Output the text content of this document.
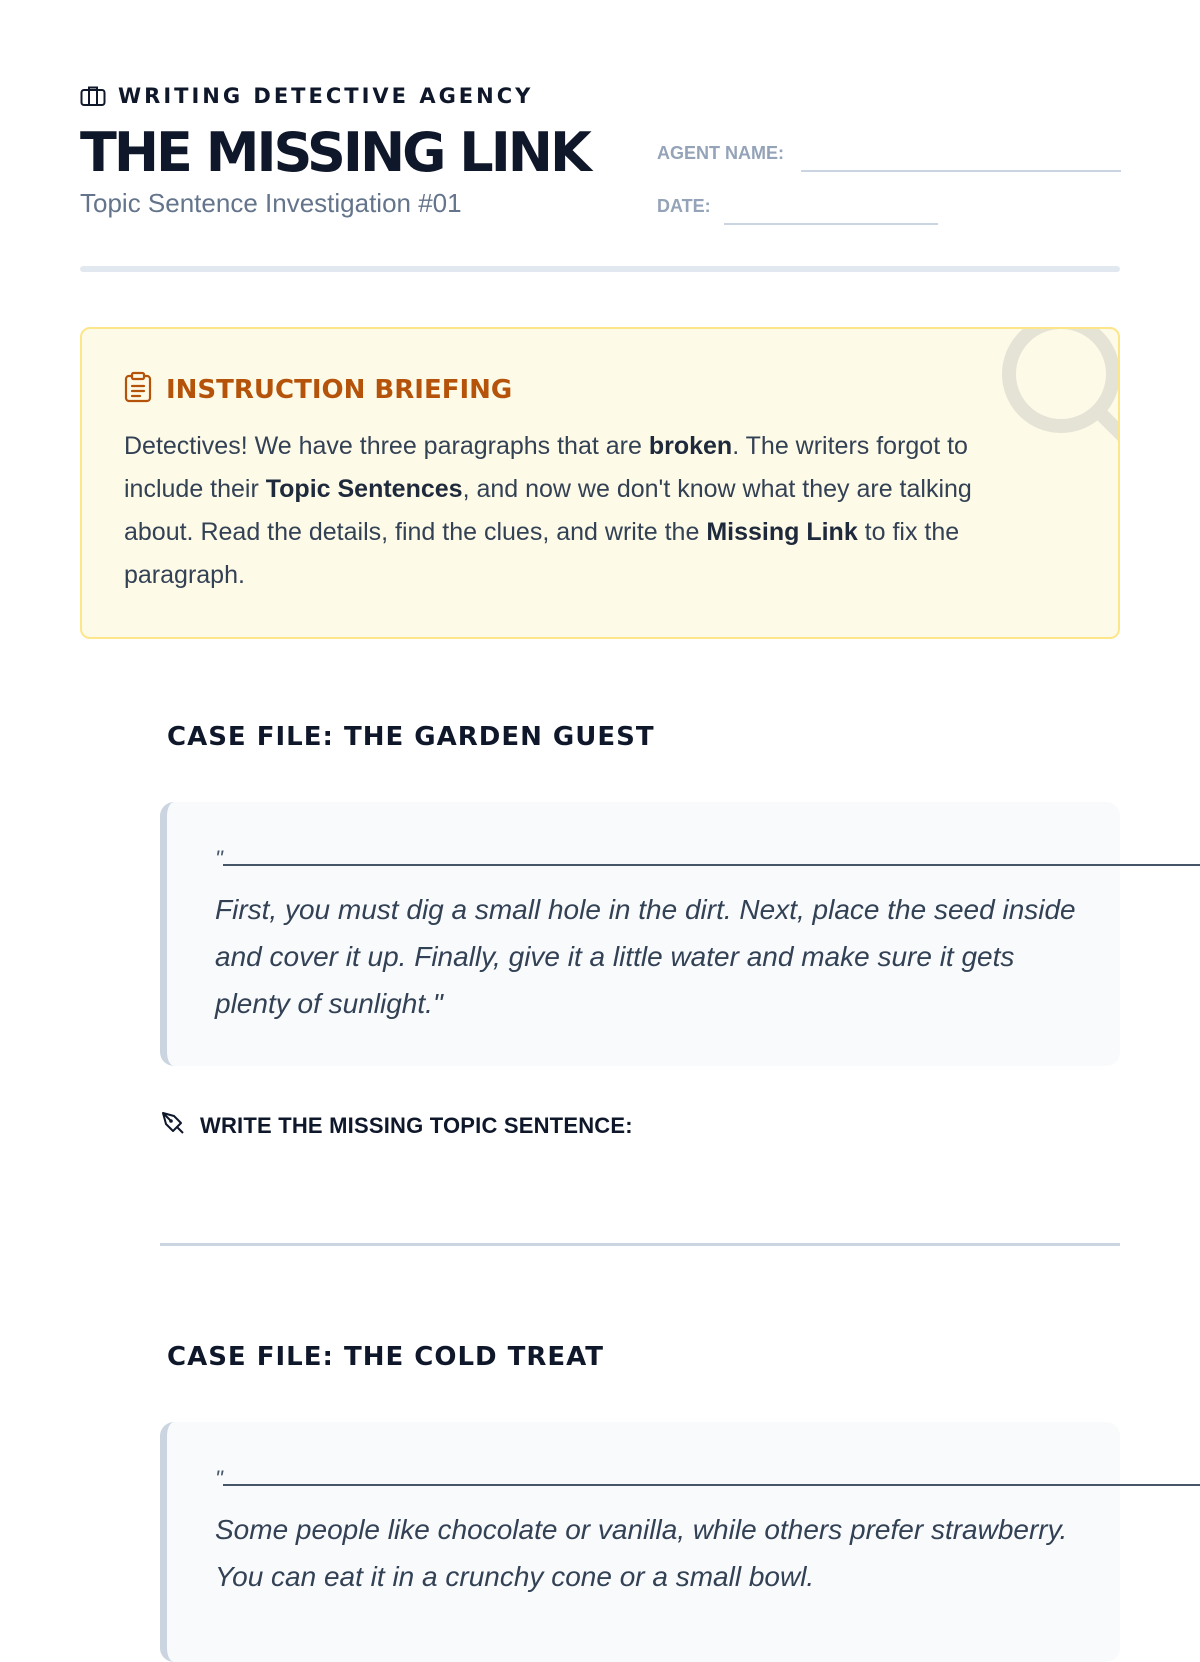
WRITING DETECTIVE AGENCY
THE MISSING LINK
Topic Sentence Investigation #01
AGENT NAME:
DATE:
INSTRUCTION BRIEFING
Detectives! We have three paragraphs that are broken. The writers forgot to include their Topic Sentences, and now we don't know what they are talking about. Read the details, find the clues, and write the Missing Link to fix the paragraph.
CASE FILE: THE GARDEN GUEST
"
First, you must dig a small hole in the dirt. Next, place the seed inside and cover it up. Finally, give it a little water and make sure it gets plenty of sunlight."
WRITE THE MISSING TOPIC SENTENCE:
CASE FILE: THE COLD TREAT
"
Some people like chocolate or vanilla, while others prefer strawberry. You can eat it in a crunchy cone or a small bowl.
